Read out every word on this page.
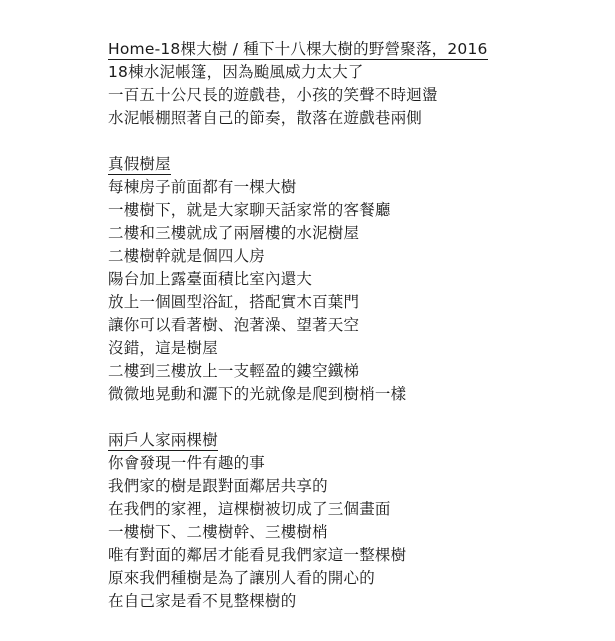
Home-18棵大樹 / 種下十八棵大樹的野營聚落，2016
18棟水泥帳篷，因為颱風威力太大了
一百五十公尺長的遊戲巷，小孩的笑聲不時迴盪
水泥帳棚照著自己的節奏，散落在遊戲巷兩側
真假樹屋
每棟房子前面都有一棵大樹
一樓樹下，就是大家聊天話家常的客餐廳
二樓和三樓就成了兩層樓的水泥樹屋
二樓樹幹就是個四人房
陽台加上露臺面積比室內還大
放上一個圓型浴缸，搭配實木百葉門
讓你可以看著樹、泡著澡、望著天空
沒錯，這是樹屋
二樓到三樓放上一支輕盈的鏤空鐵梯
微微地晃動和灑下的光就像是爬到樹梢一樣
兩戶人家兩棵樹
你會發現一件有趣的事
我們家的樹是跟對面鄰居共享的
在我們的家裡，這棵樹被切成了三個畫面
一樓樹下、二樓樹幹、三樓樹梢
唯有對面的鄰居才能看見我們家這一整棵樹
原來我們種樹是為了讓別人看的開心的
在自己家是看不見整棵樹的
